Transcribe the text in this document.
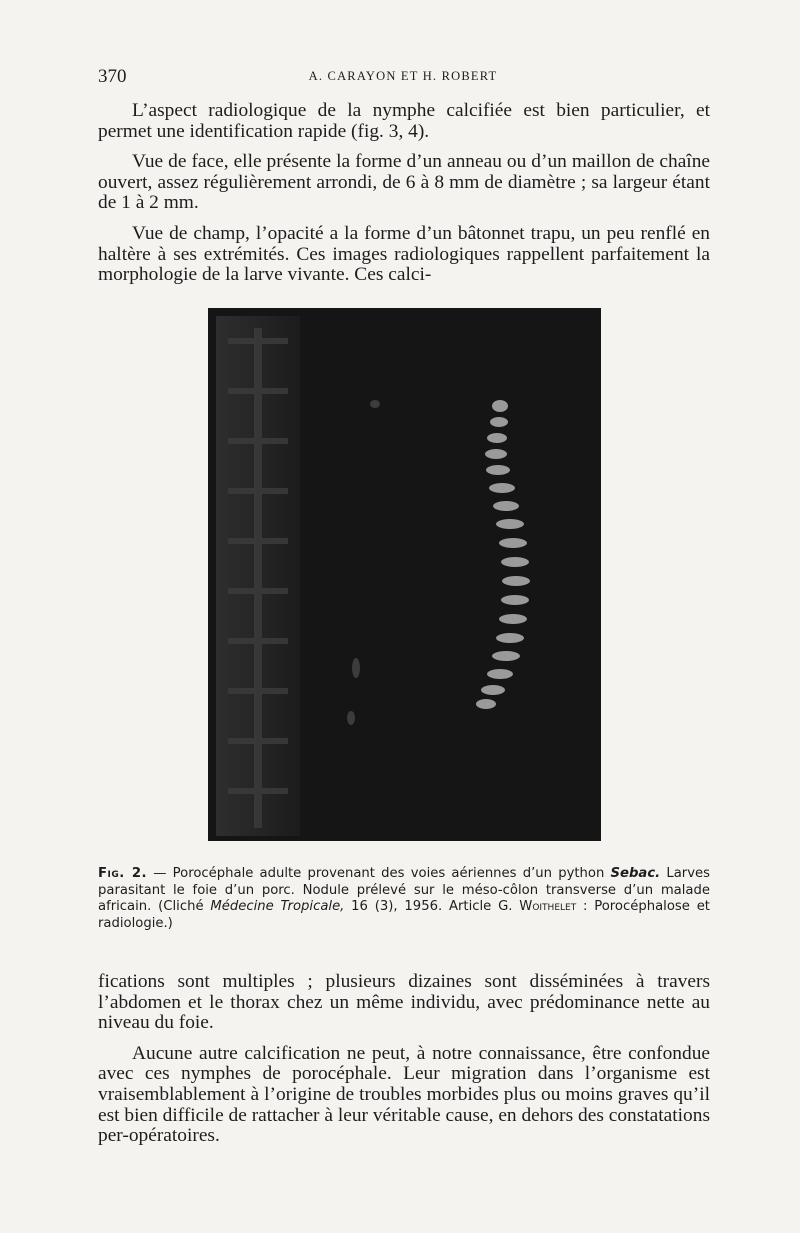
370	A. CARAYON ET H. ROBERT

L’aspect radiologique de la nymphe calcifiée est bien particulier, et permet une identification rapide (fig. 3, 4).

Vue de face, elle présente la forme d’un anneau ou d’un maillon de chaîne ouvert, assez régulièrement arrondi, de 6 à 8 mm de diamètre ; sa largeur étant de 1 à 2 mm.

Vue de champ, l’opacité a la forme d’un bâtonnet trapu, un peu renflé en haltère à ses extrémités. Ces images radiologiques rappellent parfaitement la morphologie de la larve vivante. Ces calci-

Fig. 2. — Porocéphale adulte provenant des voies aériennes d’un python Sebac. Larves parasitant le foie d’un porc. Nodule prélevé sur le méso-côlon transverse d’un malade africain. (Cliché Médecine Tropicale, 16 (3), 1956. Article G. Woithelet : Porocéphalose et radiologie.)

fications sont multiples ; plusieurs dizaines sont disséminées à travers l’abdomen et le thorax chez un même individu, avec prédominance nette au niveau du foie.

Aucune autre calcification ne peut, à notre connaissance, être confondue avec ces nymphes de porocéphale. Leur migration dans l’organisme est vraisemblablement à l’origine de troubles morbides plus ou moins graves qu’il est bien difficile de rattacher à leur véritable cause, en dehors des constatations per-opératoires.
